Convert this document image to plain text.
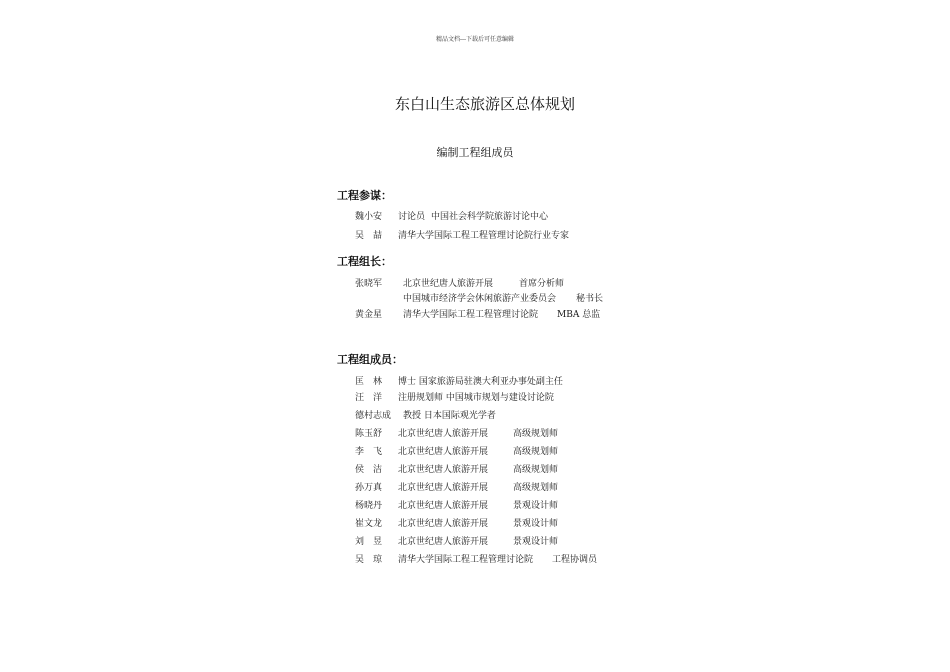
精品文档---下载后可任意编辑
东白山生态旅游区总体规划
编制工程组成员
工程参谋：
魏小安 讨论员 中国社会科学院旅游讨论中心
吴　喆 清华大学国际工程工程管理讨论院行业专家
工程组长：
张晓军 北京世纪唐人旅游开展	首席分析师
中国城市经济学会休闲旅游产业委员会 秘书长
黄金星 清华大学国际工程工程管理讨论院 MBA 总监
工程组成员：
匡　林 博士 国家旅游局驻澳大利亚办事处副主任
汪　洋 注册规划师 中国城市规划与建设讨论院
德村志成 教授 日本国际观光学者
陈玉舒 北京世纪唐人旅游开展	高级规划师
李　飞 北京世纪唐人旅游开展	高级规划师
侯　洁 北京世纪唐人旅游开展	高级规划师
孙万真 北京世纪唐人旅游开展	高级规划师
杨晓丹 北京世纪唐人旅游开展	景观设计师
崔文龙 北京世纪唐人旅游开展	景观设计师
刘　昱 北京世纪唐人旅游开展	景观设计师
吴　琼 清华大学国际工程工程管理讨论院 工程协调员
